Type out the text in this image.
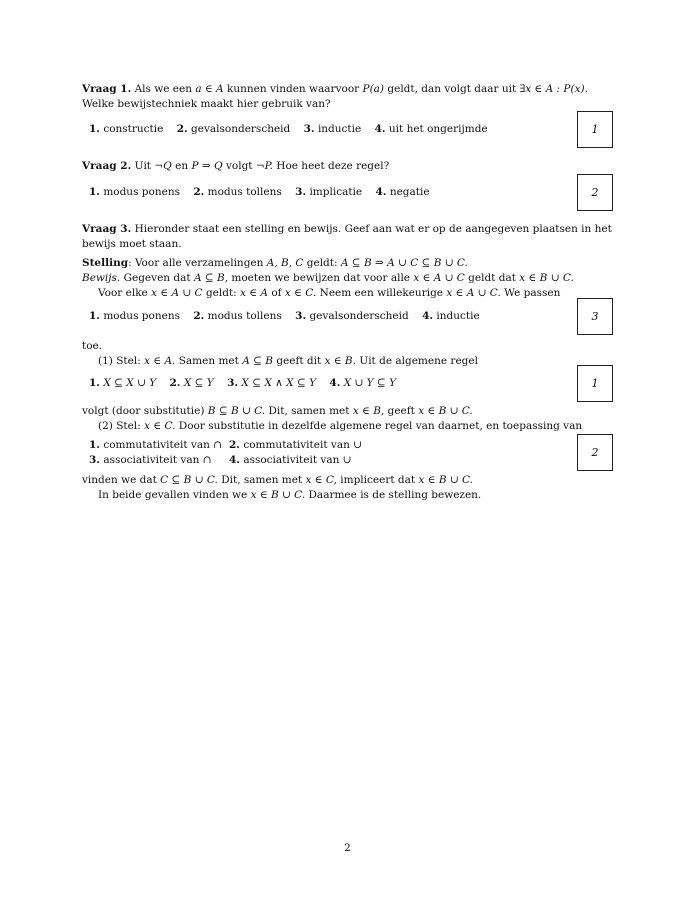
Vraag 1. Als we een a ∈ A kunnen vinden waarvoor P(a) geldt, dan volgt daar uit ∃x ∈ A : P(x). Welke bewijstechniek maakt hier gebruik van?
1. constructie 2. gevalsonderscheid 3. inductie 4. uit het ongerijmde	1
Vraag 2. Uit ¬Q en P ⇒ Q volgt ¬P. Hoe heet deze regel?
1. modus ponens 2. modus tollens 3. implicatie 4. negatie	2
Vraag 3. Hieronder staat een stelling en bewijs. Geef aan wat er op de aangegeven plaatsen in het bewijs moet staan.
Stelling: Voor alle verzamelingen A, B, C geldt: A ⊆ B ⇒ A ∪ C ⊆ B ∪ C.
Bewijs. Gegeven dat A ⊆ B, moeten we bewijzen dat voor alle x ∈ A ∪ C geldt dat x ∈ B ∪ C.
Voor elke x ∈ A ∪ C geldt: x ∈ A of x ∈ C. Neem een willekeurige x ∈ A ∪ C. We passen
1. modus ponens 2. modus tollens 3. gevalsonderscheid 4. inductie	3
toe.
(1) Stel: x ∈ A. Samen met A ⊆ B geeft dit x ∈ B. Uit de algemene regel
1. X ⊆ X ∪ Y 2. X ⊆ Y 3. X ⊆ X ∧ X ⊆ Y 4. X ∪ Y ⊆ Y	1
volgt (door substitutie) B ⊆ B ∪ C. Dit, samen met x ∈ B, geeft x ∈ B ∪ C.
(2) Stel: x ∈ C. Door substitutie in dezelfde algemene regel van daarnet, en toepassing van
1. commutativiteit van ∩ 2. commutativiteit van ∪
3. associativiteit van ∩ 4. associativiteit van ∪
2
vinden we dat C ⊆ B ∪ C. Dit, samen met x ∈ C, impliceert dat x ∈ B ∪ C.
In beide gevallen vinden we x ∈ B ∪ C. Daarmee is de stelling bewezen.
2
